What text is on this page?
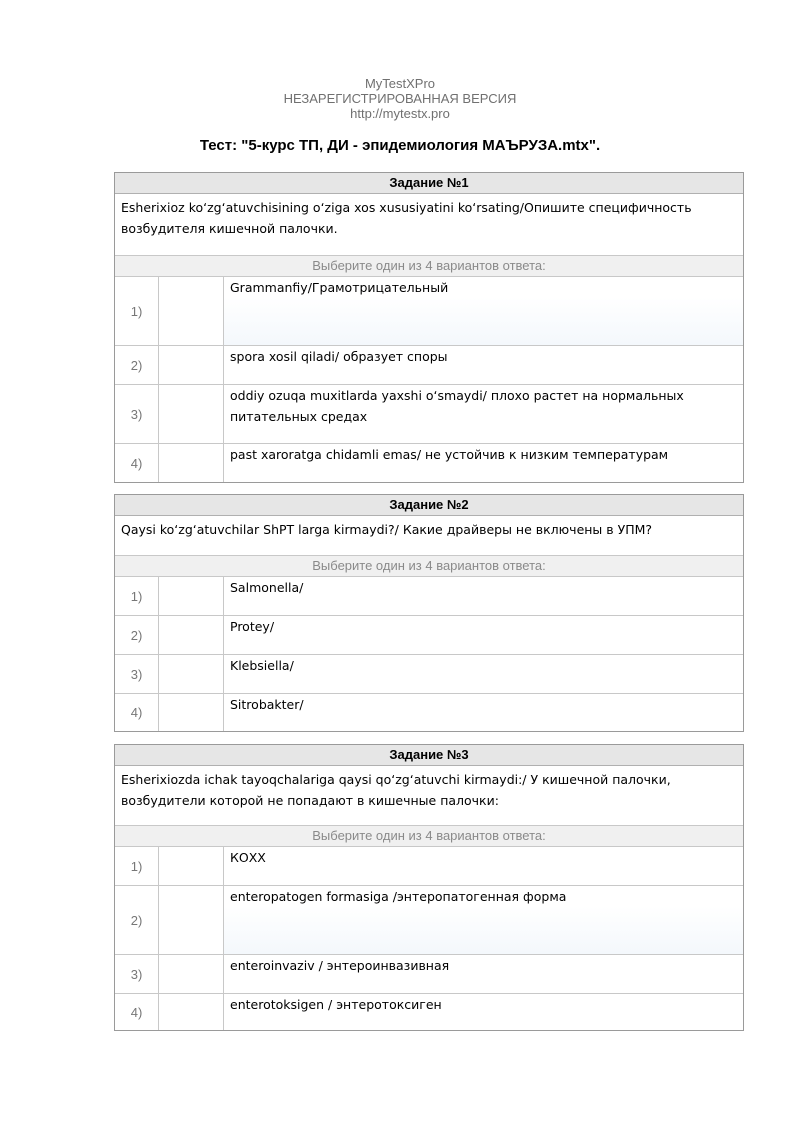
MyTestXPro
НЕЗАРЕГИСТРИРОВАННАЯ ВЕРСИЯ
http://mytestx.pro
Тест: "5-курс ТП, ДИ - эпидемиология МАЪРУЗА.mtx".
Задание №1
Esherixioz ko‘zg‘atuvchisining o‘ziga xos xususiyatini ko‘rsating/Опишите специфичность возбудителя кишечной палочки.
Выберите один из 4 вариантов ответа:
1)
Grammanfiy/Грамотрицательный
2)
spora xosil qiladi/ образует споры
3)
oddiy ozuqa muxitlarda yaxshi o‘smaydi/ плохо растет на нормальных питательных средах
4)
past xaroratga chidamli emas/ не устойчив к низким температурам
Задание №2
Qaysi ko‘zg‘atuvchilar ShPT larga kirmaydi?/ Какие драйверы не включены в УПМ?
Выберите один из 4 вариантов ответа:
1)
Salmonella/
2)
Protey/
3)
Klebsiella/
4)
Sitrobakter/
Задание №3
Esherixiozda ichak tayoqchalariga qaysi qo‘zg‘atuvchi kirmaydi:/ У кишечной палочки, возбудители которой не попадают в кишечные палочки:
Выберите один из 4 вариантов ответа:
1)
КОХХ
2)
enteropatogen formasiga /энтеропатогенная форма
3)
enteroinvaziv / энтероинвазивная
4)	enterotoksigen / энтеротоксиген
